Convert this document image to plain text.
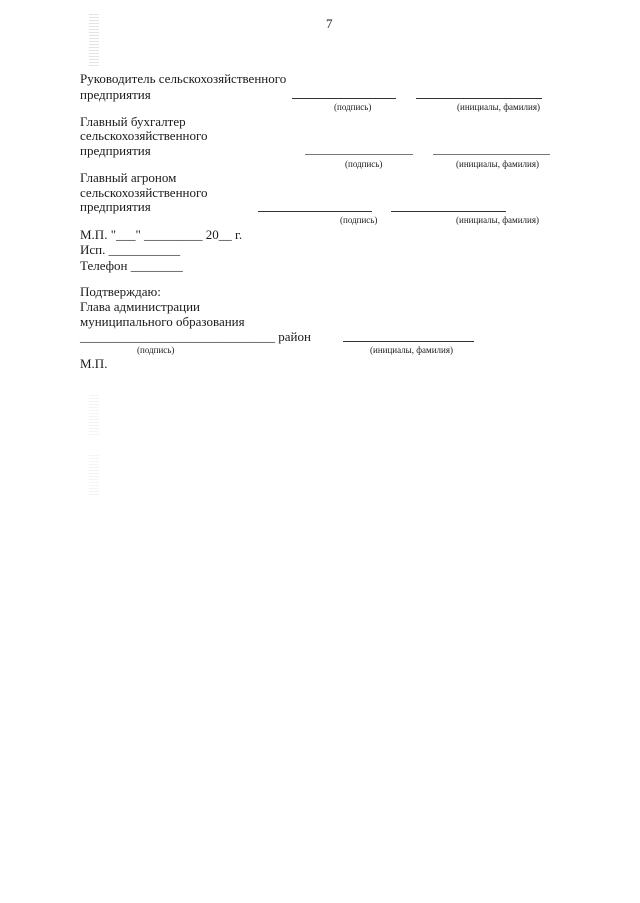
7
Руководитель сельскохозяйственного
предприятия
(подпись)	(инициалы, фамилия)
Главный бухгалтер
сельскохозяйственного
предприятия
(подпись)	(инициалы, фамилия)
Главный агроном
сельскохозяйственного
предприятия
(подпись)	(инициалы, фамилия)
М.П. "___" _________ 20__ г.
Исп. ___________
Телефон ________
Подтверждаю:
Глава администрации
муниципального образования
______________________________ район
(подпись)	(инициалы, фамилия)
М.П.
